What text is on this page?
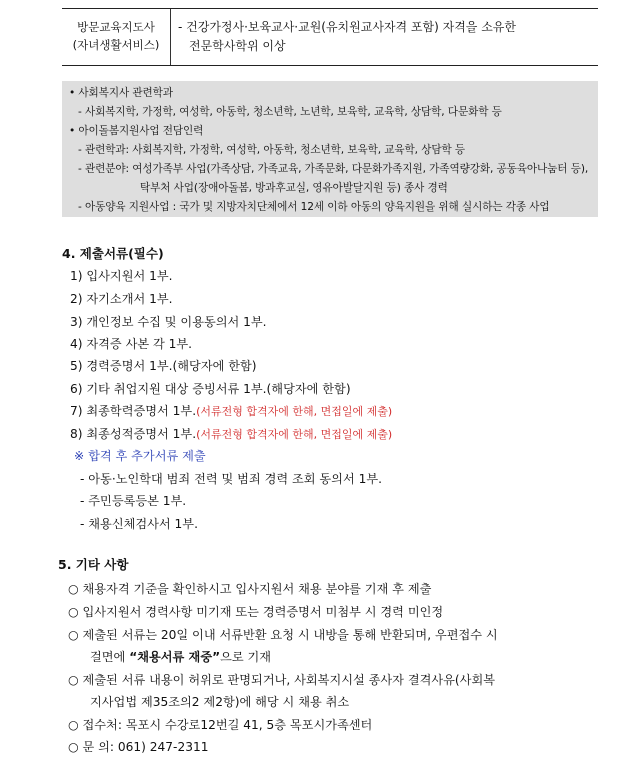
방문교육지도사
(자녀생활서비스)
- 건강가정사·보육교사·교원(유치원교사자격 포함) 자격을 소유한
전문학사학위 이상
• 사회복지사 관련학과
- 사회복지학, 가정학, 여성학, 아동학, 청소년학, 노년학, 보육학, 교육학, 상담학, 다문화학 등
• 아이돌봄지원사업 전담인력
- 관련학과: 사회복지학, 가정학, 여성학, 아동학, 청소년학, 보육학, 교육학, 상담학 등
- 관련분야: 여성가족부 사업(가족상담, 가족교육, 가족문화, 다문화가족지원, 가족역량강화, 공동육아나눔터 등),
탁부처 사업(장애아돌봄, 방과후교실, 영유아발달지원 등) 종사 경력
- 아동양육 지원사업 : 국가 및 지방자치단체에서 12세 이하 아동의 양육지원을 위해 실시하는 각종 사업
4. 제출서류(필수)
1) 입사지원서 1부.
2) 자기소개서 1부.
3) 개인정보 수집 및 이용동의서 1부.
4) 자격증 사본 각 1부.
5) 경력증명서 1부.(해당자에 한함)
6) 기타 취업지원 대상 증빙서류 1부.(해당자에 한함)
7) 최종학력증명서 1부.(서류전형 합격자에 한해, 면접일에 제출)
8) 최종성적증명서 1부.(서류전형 합격자에 한해, 면접일에 제출)
※ 합격 후 추가서류 제출
- 아동·노인학대 범죄 전력 및 범죄 경력 조회 동의서 1부.
- 주민등록등본 1부.
- 채용신체검사서 1부.
5. 기타 사항
○ 채용자격 기준을 확인하시고 입사지원서 채용 분야를 기재 후 제출
○ 입사지원서 경력사항 미기재 또는 경력증명서 미첨부 시 경력 미인정
○ 제출된 서류는 20일 이내 서류반환 요청 시 내방을 통해 반환되며, 우편접수 시
걸면에 “채용서류 재중”으로 기재
○ 제출된 서류 내용이 허위로 판명되거나, 사회복지시설 종사자 결격사유(사회복
지사업법 제35조의2 제2항)에 해당 시 채용 취소
○ 접수처: 목포시 수강로12번길 41, 5층 목포시가족센터
○ 문 의: 061) 247-2311
